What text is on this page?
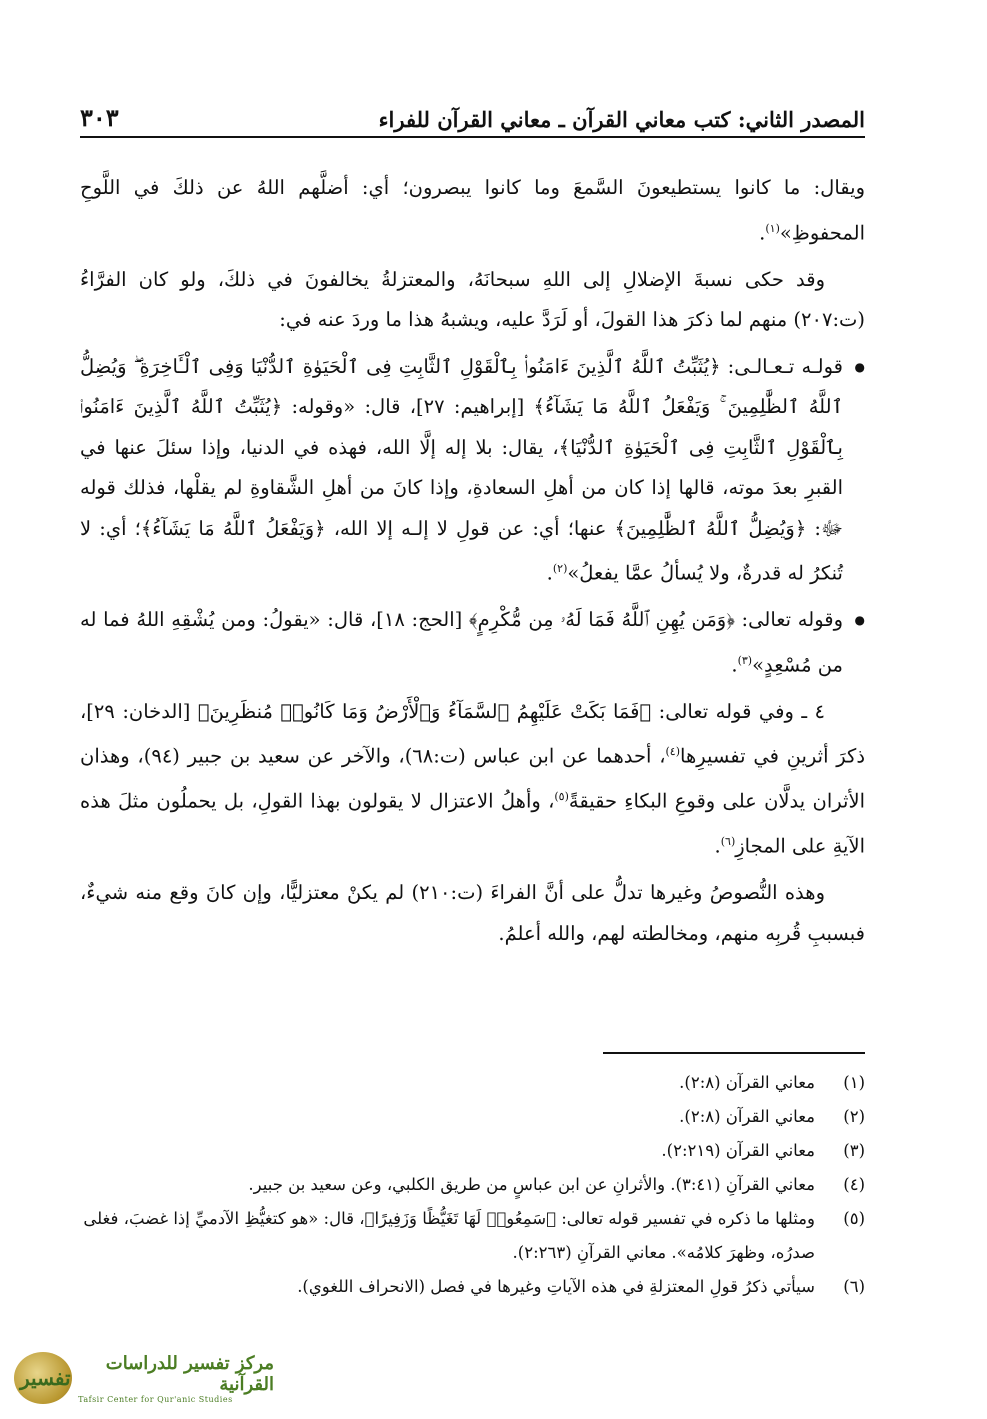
المصدر الثاني: كتب معاني القرآن ـ معاني القرآن للفراء
٣٠٣

ويقال: ما كانوا يستطيعونَ السَّمعَ وما كانوا يبصرون؛ أي: أضلَّهم اللهُ عن ذلكَ في اللَّوحِ المحفوظِ»$^{(١)}$.

وقد حكى نسبةَ الإضلالِ إلى اللهِ سبحانَهُ، والمعتزلةُ يخالفونَ في ذلكَ، ولو كان الفرَّاءُ (ت:٢٠٧) منهم لما ذكرَ هذا القولَ، أو لَرَدَّ عليه، ويشبهُ هذا ما وردَ عنه في:

● قولـه تـعـالـى: ﴿يُثَبِّتُ ٱللَّهُ ٱلَّذِينَ ءَامَنُوا۟ بِٱلْقَوْلِ ٱلثَّابِتِ فِى ٱلْحَيَوٰةِ ٱلدُّنْيَا وَفِى ٱلْـَٔاخِرَةِ ۖ وَيُضِلُّ ٱللَّهُ ٱلظَّٰلِمِينَ ۚ وَيَفْعَلُ ٱللَّهُ مَا يَشَآءُ﴾ [إبراهيم: ٢٧]، قال: «وقوله: ﴿يُثَبِّتُ ٱللَّهُ ٱلَّذِينَ ءَامَنُوا۟ بِٱلْقَوْلِ ٱلثَّابِتِ فِى ٱلْحَيَوٰةِ ٱلدُّنْيَا﴾، يقال: بلا إله إلَّا الله، فهذه في الدنيا، وإذا سئلَ عنها في القبرِ بعدَ موته، قالها إذا كان من أهلِ السعادةِ، وإذا كانَ من أهلِ الشَّقاوةِ لم يقلْها، فذلك قوله ﷻ: ﴿وَيُضِلُّ ٱللَّهُ ٱلظَّٰلِمِينَ﴾ عنها؛ أي: عن قولِ لا إلـه إلا الله، ﴿وَيَفْعَلُ ٱللَّهُ مَا يَشَآءُ﴾؛ أي: لا تُنكرُ له قدرةٌ، ولا يُسألُ عمَّا يفعلُ»$^{(٢)}$.

● وقوله تعالى: ﴿وَمَن يُهِنِ ٱللَّهُ فَمَا لَهُۥ مِن مُّكْرِمٍ﴾ [الحج: ١٨]، قال: «يقولُ: ومن يُشْقِهِ اللهُ فما له من مُسْعِدٍ»$^{(٣)}$.

٤ ـ وفي قوله تعالى: ﴿فَمَا بَكَتْ عَلَيْهِمُ ٱلسَّمَآءُ وَٱلْأَرْضُ وَمَا كَانُوا۟ مُنظَرِينَ﴾ [الدخان: ٢٩]، ذكرَ أثرينِ في تفسيرِها$^{(٤)}$، أحدهما عن ابن عباس (ت:٦٨)، والآخر عن سعيد بن جبير (٩٤)، وهذان الأثران يدلَّان على وقوعِ البكاءِ حقيقةً$^{(٥)}$، وأهلُ الاعتزال لا يقولون بهذا القولِ، بل يحملُون مثلَ هذه الآيةِ على المجازِ$^{(٦)}$.

وهذه النُّصوصُ وغيرها تدلُّ على أنَّ الفراءَ (ت:٢١٠) لم يكنْ معتزليًّا، وإن كانَ وقع منه شيءٌ، فبسببِ قُربِه منهم، ومخالطته لهم، والله أعلمُ.

(١)
معاني القرآن (٢:٨).
(٢)
معاني القرآن (٢:٨).
(٣)
معاني القرآن (٢:٢١٩).
(٤)
معاني القرآنِ (٣:٤١). والأثرانِ عن ابن عباسٍ من طريق الكلبي، وعن سعيد بن جبير.
(٥)
ومثلها ما ذكره في تفسير قوله تعالى: ﴿سَمِعُوا۟ لَهَا تَغَيُّظًا وَزَفِيرًا﴾، قال: «هو كتغيُّظِ الآدميِّ إذا غضبَ، فغلى صدرُه، وظهرَ كلامُه». معاني القرآنِ (٢:٢٦٣).
(٦)
سيأتي ذكرُ قولِ المعتزلةِ في هذه الآياتِ وغيرها في فصل (الانحراف اللغوي).
تفسير
مركز تفسير للدراسات القرآنية
Tafsir Center for Qur'anic Studies
